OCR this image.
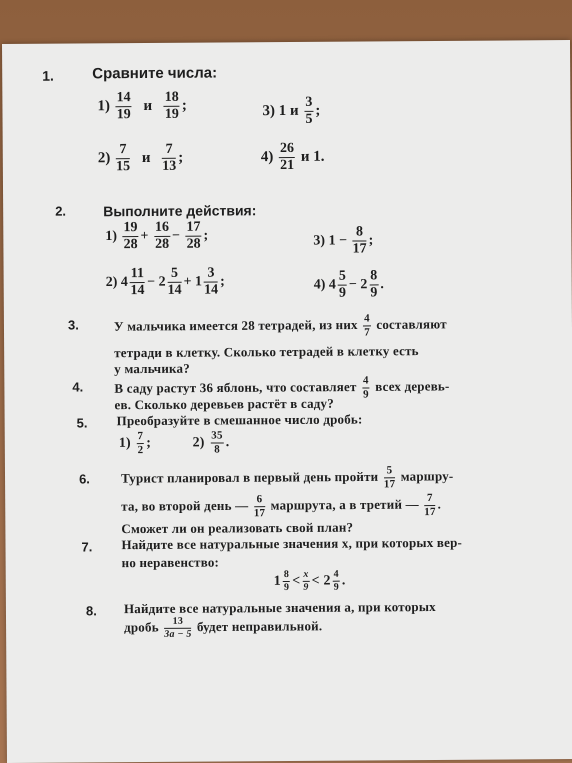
1.	Сравните числа:
$1) \frac{14}{19}$ и $\frac{18}{19}$ ;	3) 1 и $\frac{3}{5}$ ;
$2) \frac{7}{15}$ и $\frac{7}{13}$ ;	$4) \frac{26}{21}$ и 1.
2.	Выполните действия:
$1) \frac{19}{28} + \frac{16}{28} - \frac{17}{28}$ ;	3) $1 - \frac{8}{17}$ ;
2) $4 \frac{11}{14} - 2 \frac{5}{14} + 1 \frac{3}{14}$ ;	4) $4 \frac{5}{9} - 2 \frac{8}{9}$ .
3.	У мальчика имеется 28 тетрадей, из них $\frac{4}{7}$ составляют
тетради в клетку. Сколько тетрадей в клетку есть
у мальчика?
4. В саду растут 36 яблонь, что составляет $\frac{4}{9}$ всех деревь-
ев. Сколько деревьев растёт в саду?
5. Преобразуйте в смешанное число дробь:
$1) \frac{7}{2}$ ;	$2) \frac{35}{8}$ .
6. Турист планировал в первый день пройти $\frac{5}{17}$ маршру-
та, во второй день — $\frac{6}{17}$ маршрута, а в третий — $\frac{7}{17}$ .
Сможет ли он реализовать свой план?
7. Найдите все натуральные значения x, при которых вер-
но неравенство:
$1 \frac{8}{9} < \frac{x}{9} < 2 \frac{4}{9}$ .
8. Найдите все натуральные значения a, при которых
дробь $\frac{13}{3a - 5}$ будет неправильной.
